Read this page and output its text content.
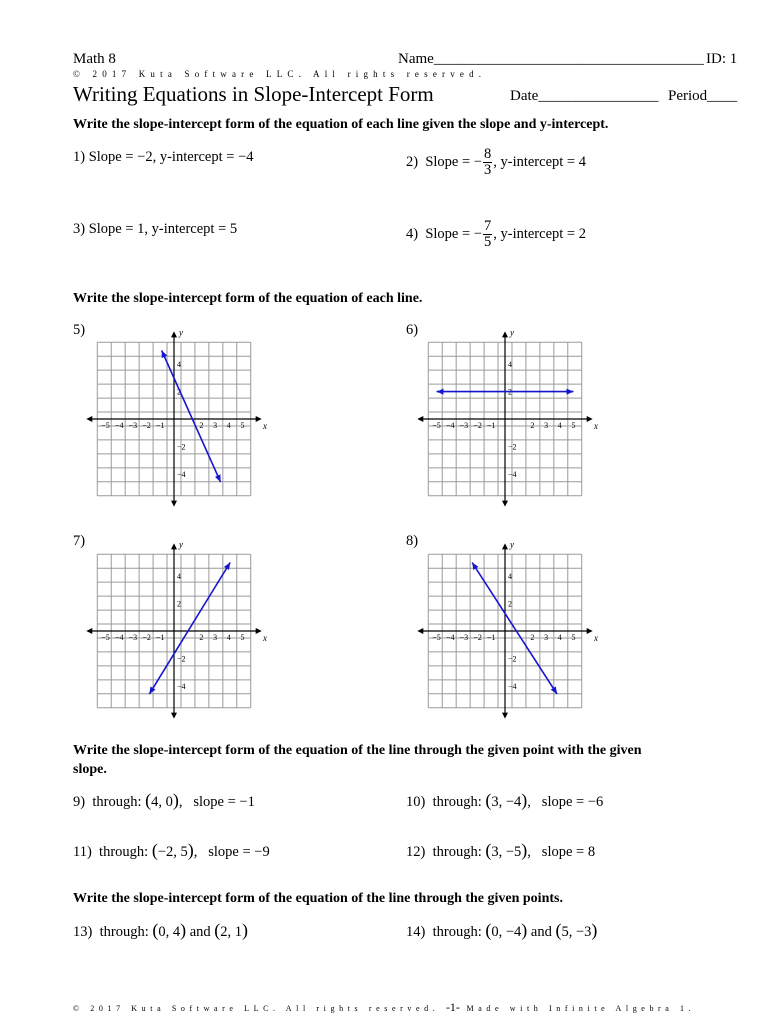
Math 8	Name____________________________________ ID: 1
© 2017 Kuta Software LLC. All rights reserved.
Writing Equations in Slope-Intercept Form	Date________________ Period____
Write the slope-intercept form of the equation of each line given the slope and y-intercept.
1) Slope = −2, y-intercept = −4	2) Slope = − $\frac{8}{3}$ , y-intercept = 4
3) Slope = 1, y-intercept = 5	4) Slope = − $\frac{7}{5}$ , y-intercept = 2
Write the slope-intercept form of the equation of each line.
5)	6)
7)	8)
x
y
−5 −4 −3 −2 −1	2 3 4 5
4
2
−2
−4
x
y
−5 −4 −3 −2 −1	2 3 4 5
4
2
−2
−4
x
y
−5 −4 −3 −2 −1	2 3 4 5
4
2
−2
−4
x
y
−5 −4 −3 −2 −1	2 3 4 5
4
2
−2
−4
Write the slope-intercept form of the equation of the line through the given point with the given
slope.
9) through: (4, 0),   slope = −1	10) through: (3, −4),   slope = −6
11) through: (−2, 5),   slope = −9	12) through: (3, −5),   slope = 8
Write the slope-intercept form of the equation of the line through the given points.
13) through: (0, 4) and (2, 1)	14) through: (0, −4) and (5, −3)
© 2017 Kuta Software LLC. All rights reserved. -1- Made with Infinite Algebra 1.
